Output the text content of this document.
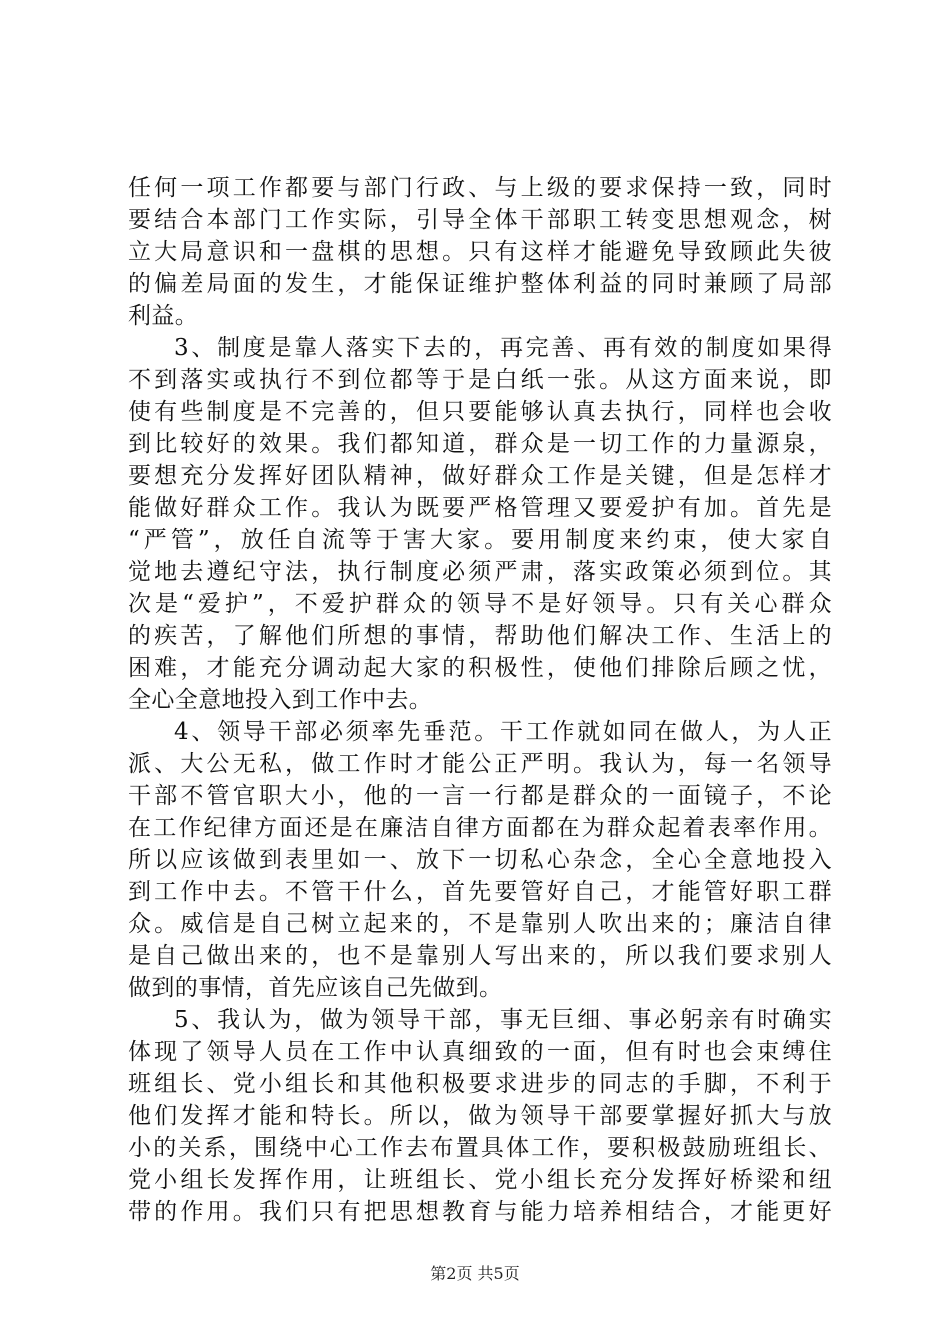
任何一项工作都要与部门行政、与上级的要求保持一致，同时
要结合本部门工作实际，引导全体干部职工转变思想观念，树
立大局意识和一盘棋的思想。只有这样才能避免导致顾此失彼
的偏差局面的发生，才能保证维护整体利益的同时兼顾了局部
利益。
3、制度是靠人落实下去的，再完善、再有效的制度如果得
不到落实或执行不到位都等于是白纸一张。从这方面来说，即
使有些制度是不完善的，但只要能够认真去执行，同样也会收
到比较好的效果。我们都知道，群众是一切工作的力量源泉，
要想充分发挥好团队精神，做好群众工作是关键，但是怎样才
能做好群众工作。我认为既要严格管理又要爱护有加。首先是
“严管”，放任自流等于害大家。要用制度来约束，使大家自
觉地去遵纪守法，执行制度必须严肃，落实政策必须到位。其
次是“爱护”，不爱护群众的领导不是好领导。只有关心群众
的疾苦，了解他们所想的事情，帮助他们解决工作、生活上的
困难，才能充分调动起大家的积极性，使他们排除后顾之忧，
全心全意地投入到工作中去。
4、领导干部必须率先垂范。干工作就如同在做人，为人正
派、大公无私，做工作时才能公正严明。我认为，每一名领导
干部不管官职大小，他的一言一行都是群众的一面镜子，不论
在工作纪律方面还是在廉洁自律方面都在为群众起着表率作用。
所以应该做到表里如一、放下一切私心杂念，全心全意地投入
到工作中去。不管干什么，首先要管好自己，才能管好职工群
众。威信是自己树立起来的，不是靠别人吹出来的；廉洁自律
是自己做出来的，也不是靠别人写出来的，所以我们要求别人
做到的事情，首先应该自己先做到。
5、我认为，做为领导干部，事无巨细、事必躬亲有时确实
体现了领导人员在工作中认真细致的一面，但有时也会束缚住
班组长、党小组长和其他积极要求进步的同志的手脚，不利于
他们发挥才能和特长。所以，做为领导干部要掌握好抓大与放
小的关系，围绕中心工作去布置具体工作，要积极鼓励班组长、
党小组长发挥作用，让班组长、党小组长充分发挥好桥梁和纽
带的作用。我们只有把思想教育与能力培养相结合，才能更好
第2页 共5页
